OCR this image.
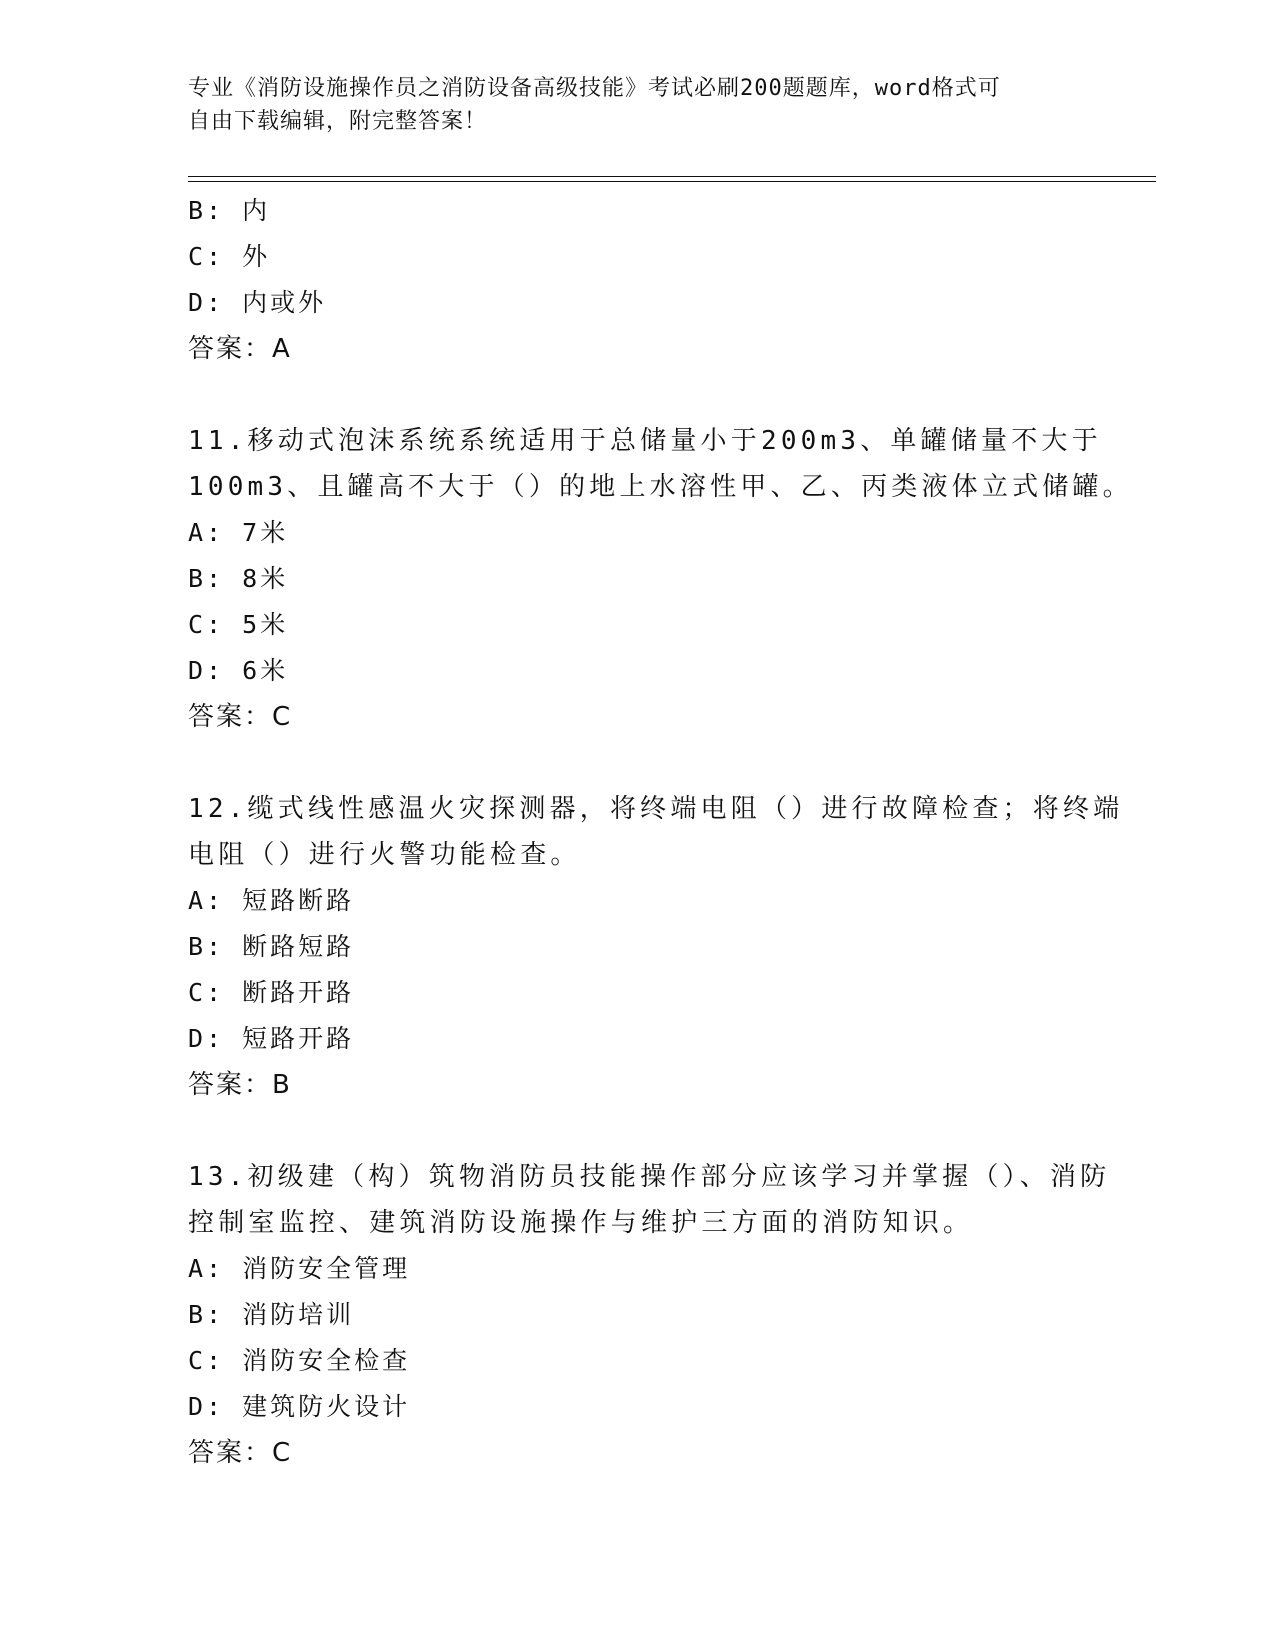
专业《消防设施操作员之消防设备高级技能》考试必刷200题题库，word格式可
自由下载编辑，附完整答案！
B: 内
C: 外
D: 内或外
答案：A
11.移动式泡沫系统系统适用于总储量小于200m3、单罐储量不大于
100m3、且罐高不大于（）的地上水溶性甲、乙、丙类液体立式储罐。
A: 7米
B: 8米
C: 5米
D: 6米
答案：C
12.缆式线性感温火灾探测器，将终端电阻（）进行故障检查；将终端
电阻（）进行火警功能检查。
A: 短路断路
B: 断路短路
C: 断路开路
D: 短路开路
答案：B
13.初级建（构）筑物消防员技能操作部分应该学习并掌握（）、消防
控制室监控、建筑消防设施操作与维护三方面的消防知识。
A: 消防安全管理
B: 消防培训
C: 消防安全检查
D: 建筑防火设计
答案：C
